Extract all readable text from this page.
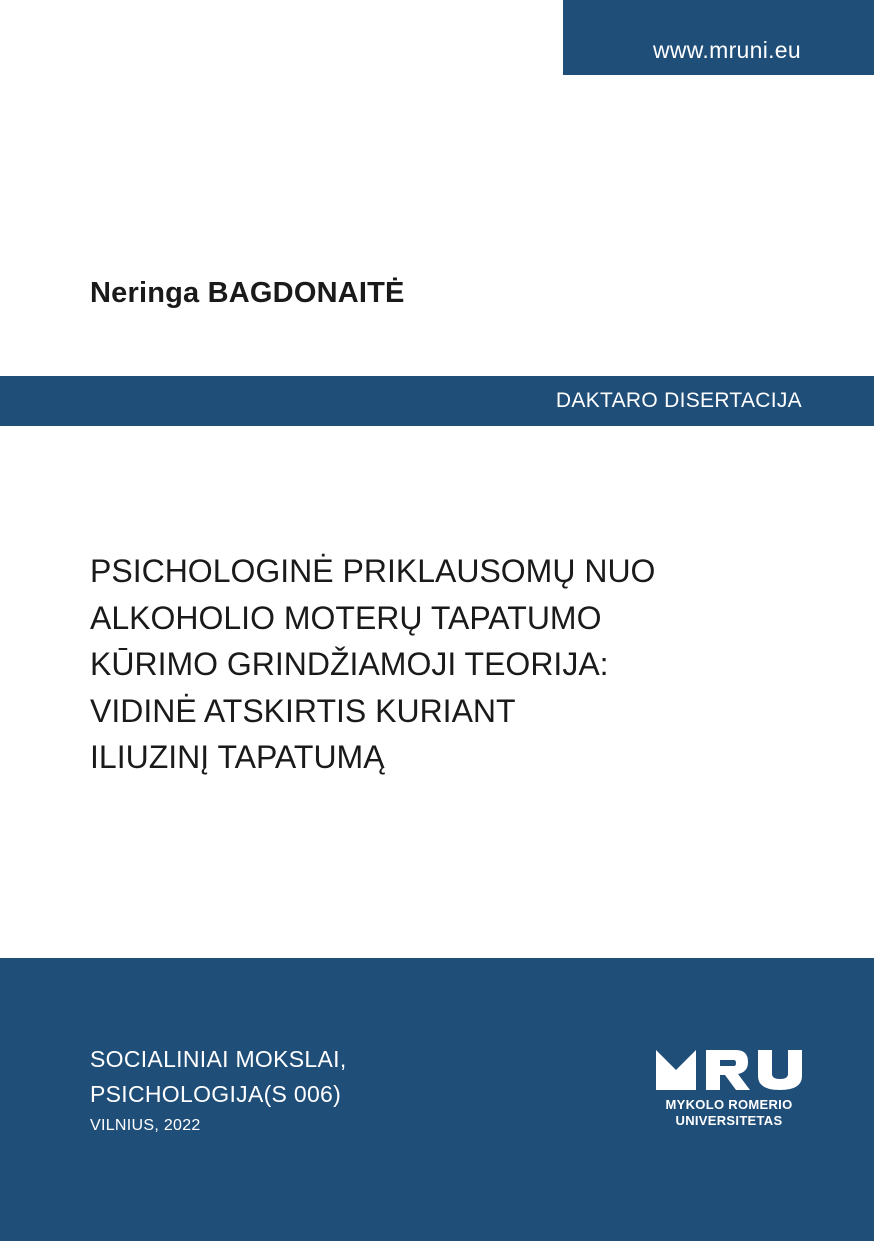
www.mruni.eu
Neringa BAGDONAITĖ
DAKTARO DISERTACIJA
PSICHOLOGINĖ PRIKLAUSOMŲ NUO
ALKOHOLIO MOTERŲ TAPATUMO
KŪRIMO GRINDŽIAMOJI TEORIJA:
VIDINĖ ATSKIRTIS KURIANT
ILIUZINĮ TAPATUMĄ
SOCIALINIAI MOKSLAI,
PSICHOLOGIJA(S 006)
VILNIUS, 2022
MYKOLO ROMERIO
UNIVERSITETAS
